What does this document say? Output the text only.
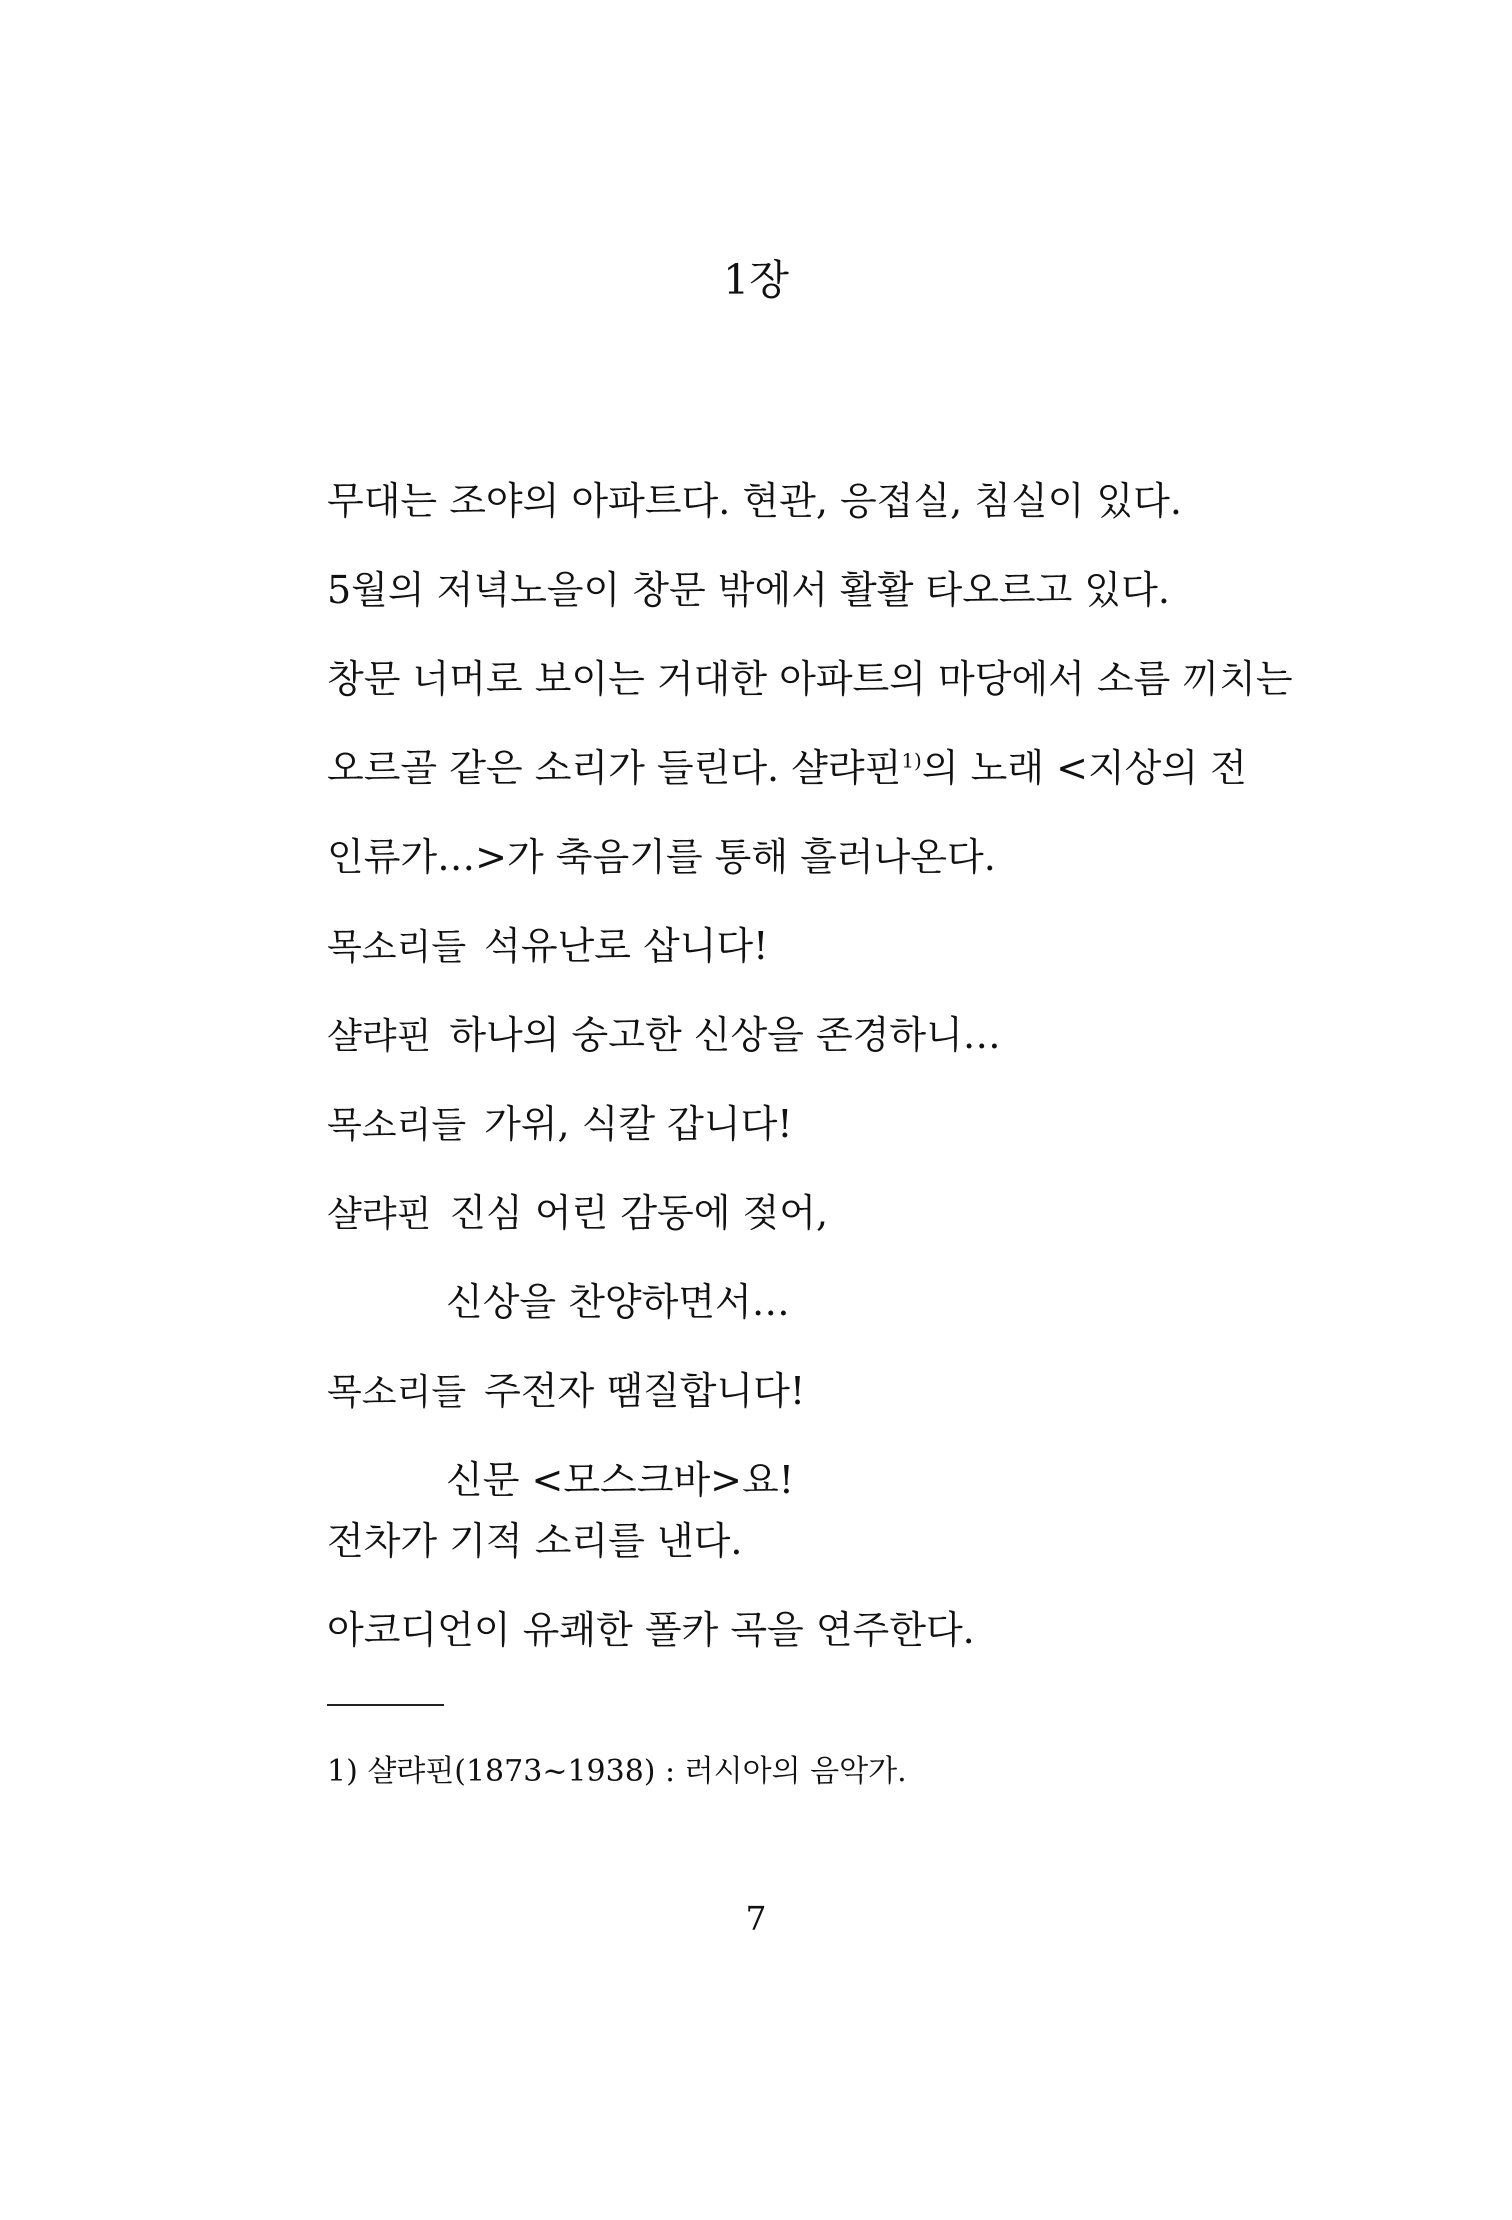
1장
무대는 조야의 아파트다. 현관, 응접실, 침실이 있다.
5월의 저녁노을이 창문 밖에서 활활 타오르고 있다.
창문 너머로 보이는 거대한 아파트의 마당에서 소름 끼치는
오르골 같은 소리가 들린다. 샬랴핀$^{1)}$의 노래 <지상의 전
인류가…>가 축음기를 통해 흘러나온다.
목소리들 석유난로 삽니다!
샬랴핀 하나의 숭고한 신상을 존경하니…
목소리들 가위, 식칼 갑니다!
샬랴핀 진심 어린 감동에 젖어,
신상을 찬양하면서…
목소리들 주전자 땜질합니다!
신문 <모스크바>요!
전차가 기적 소리를 낸다.
아코디언이 유쾌한 폴카 곡을 연주한다.

1) 샬랴핀(1873~1938) : 러시아의 음악가.

7
